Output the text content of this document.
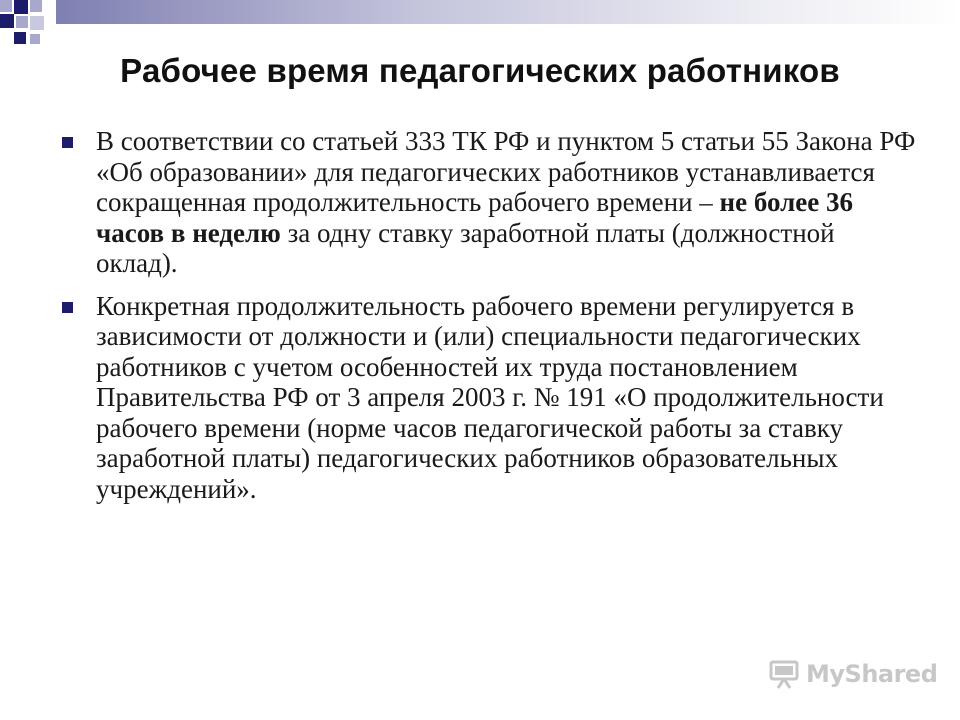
Рабочее время педагогических работников
В соответствии со статьей 333 ТК РФ и пунктом 5 статьи 55 Закона РФ «Об образовании» для педагогических работников устанавливается сокращенная продолжительность рабочего времени – не более 36 часов в неделю за одну ставку заработной платы (должностной оклад).
Конкретная продолжительность рабочего времени регулируется в зависимости от должности и (или) специальности педагогических работников с учетом особенностей их труда постановлением Правительства РФ от 3 апреля 2003 г. № 191 «О продолжительности рабочего времени (норме часов педагогической работы за ставку заработной платы) педагогических работников образовательных учреждений».
MyShared
